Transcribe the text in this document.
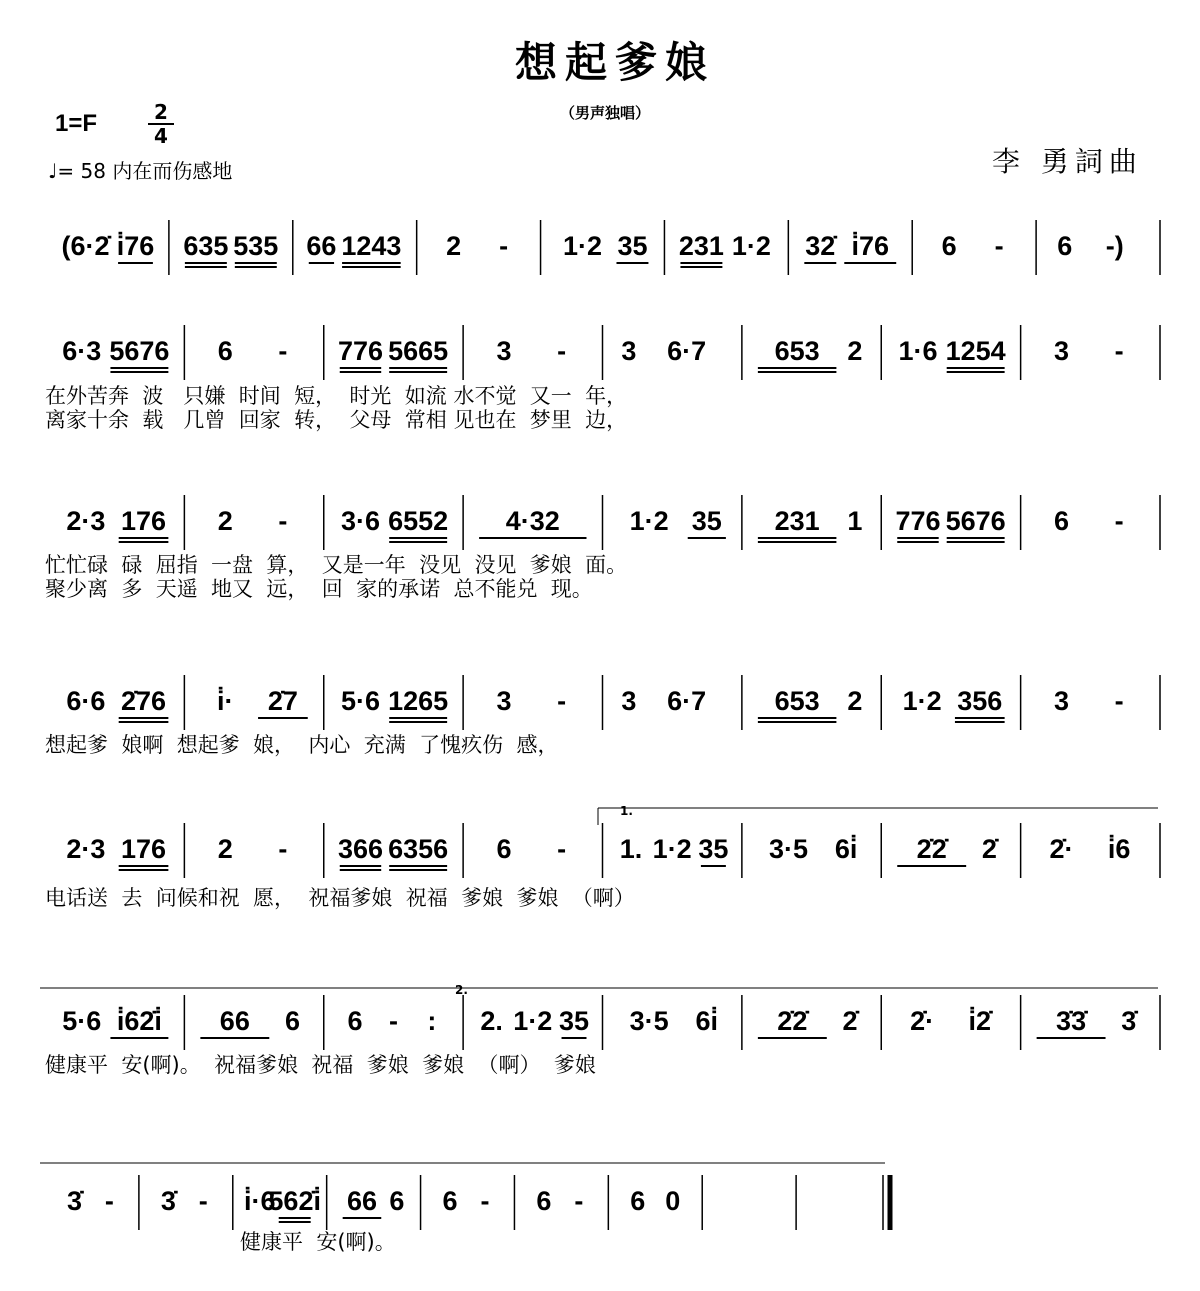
想起爹娘
（男声独唱）
1=F	2
4
♩= 58 内在而伤感地	李 勇詞曲
(6·2̇ i̇76 635 535 66 1243 2 - 1·2 35 231 1·2 32̇ i̇76 6 - 6 -)
6·3 5676 6 - 776 5665 3 - 3 6·7	653 2 1·6 1254 3 -
2·3 176 2 - 3·6 6552 4·32	1·2 35 231 1 776 5676 6 -
6·6 2̇76 i̇· 2̇7 5·6 1265 3 - 3 6·7	653 2 1·2 356 3 -
2·3 176 2 - 366 6356 6 - 1. 1·2 35 3·5 6i̇ 2̇2̇ 2̇ 2̇· i̇6
5·6 i̇62̇i̇ 66 6 6 - : 2. 1·2 35 3·5 6i̇ 2̇2̇ 2̇ 2̇· i̇2̇ 3̇3̇ 3̇
3̇ - 3̇ - i̇·6
562̇i̇ 66 6 6 - 6 - 6 0
1.
2.
在外苦奔  波   只嫌  时间  短，  时光  如流 水不觉  又一  年，
离家十余  载   几曾  回家  转，  父母  常相 见也在  梦里  边，
忙忙碌  碌  屈指  一盘  算，  又是一年  没见  没见  爹娘  面。
聚少离  多  天遥  地又  远，  回  家的承诺  总不能兑  现。
想起爹  娘啊  想起爹  娘，  内心  充满  了愧疚伤  感，
电话送  去  问候和祝  愿，  祝福爹娘  祝福  爹娘  爹娘  （啊）
健康平  安(啊)。  祝福爹娘  祝福  爹娘  爹娘  （啊）  爹娘
健康平  安(啊)。
